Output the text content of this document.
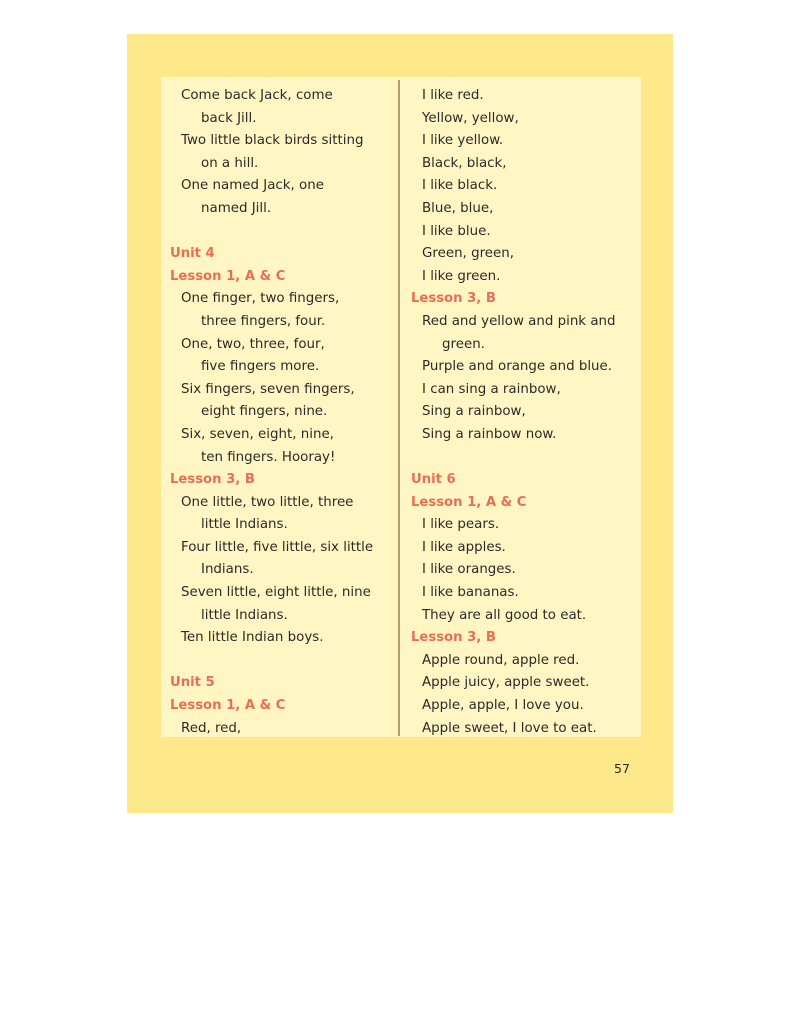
Come back Jack, come
back Jill.
Two little black birds sitting
on a hill.
One named Jack, one
named Jill.
Unit 4
Lesson 1, A & C
One finger, two fingers,
three fingers, four.
One, two, three, four,
five fingers more.
Six fingers, seven fingers,
eight fingers, nine.
Six, seven, eight, nine,
ten fingers. Hooray!
Lesson 3, B
One little, two little, three
little Indians.
Four little, five little, six little
Indians.
Seven little, eight little, nine
little Indians.
Ten little Indian boys.
Unit 5
Lesson 1, A & C
Red, red,
I like red.
Yellow, yellow,
I like yellow.
Black, black,
I like black.
Blue, blue,
I like blue.
Green, green,
I like green.
Lesson 3, B
Red and yellow and pink and
green.
Purple and orange and blue.
I can sing a rainbow,
Sing a rainbow,
Sing a rainbow now.
Unit 6
Lesson 1, A & C
I like pears.
I like apples.
I like oranges.
I like bananas.
They are all good to eat.
Lesson 3, B
Apple round, apple red.
Apple juicy, apple sweet.
Apple, apple, I love you.
Apple sweet, I love to eat.
57
